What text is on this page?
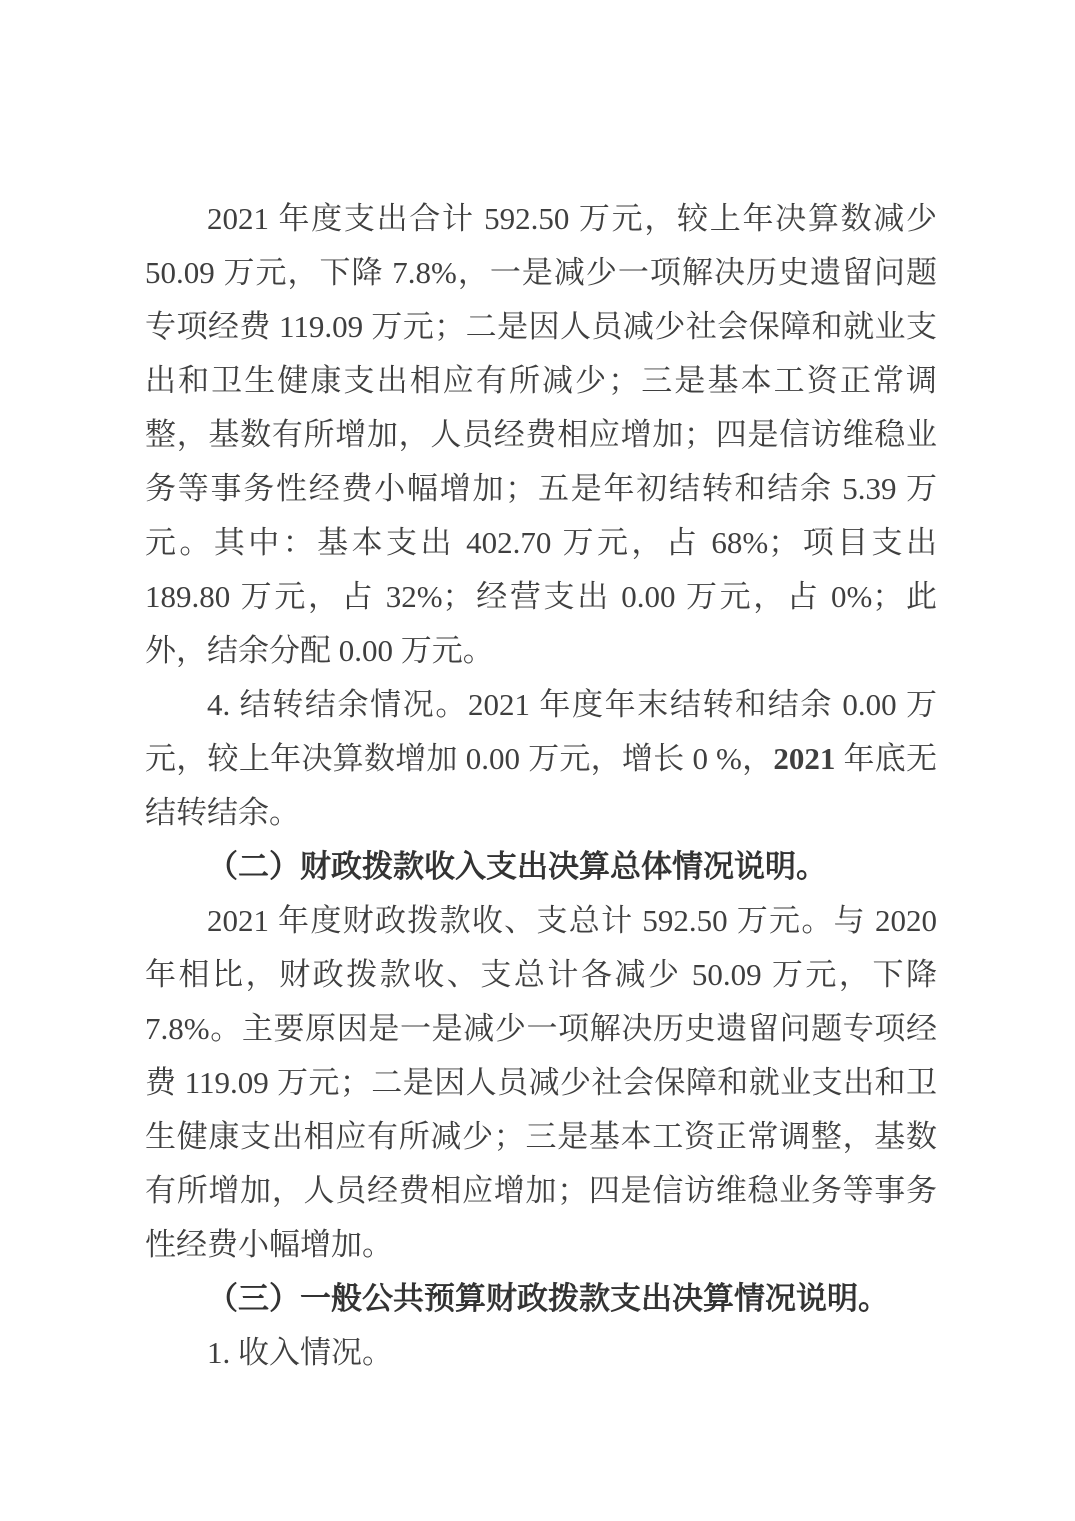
2021 年度支出合计 592.50 万元，较上年决算数减少 50.09 万元，下降 7.8%，一是减少一项解决历史遗留问题专项经费 119.09 万元；二是因人员减少社会保障和就业支出和卫生健康支出相应有所减少；三是基本工资正常调整，基数有所增加，人员经费相应增加；四是信访维稳业务等事务性经费小幅增加；五是年初结转和结余 5.39 万元。其中：基本支出 402.70 万元，占 68%；项目支出 189.80 万元，占 32%；经营支出 0.00 万元，占 0%；此外，结余分配 0.00 万元。

4. 结转结余情况。2021 年度年末结转和结余 0.00 万元，较上年决算数增加 0.00 万元，增长 0 %，2021 年底无结转结余。

（二）财政拨款收入支出决算总体情况说明。

2021 年度财政拨款收、支总计 592.50 万元。与 2020 年相比，财政拨款收、支总计各减少 50.09 万元，下降 7.8%。主要原因是一是减少一项解决历史遗留问题专项经费 119.09 万元；二是因人员减少社会保障和就业支出和卫生健康支出相应有所减少；三是基本工资正常调整，基数有所增加，人员经费相应增加；四是信访维稳业务等事务性经费小幅增加。

（三）一般公共预算财政拨款支出决算情况说明。

1. 收入情况。
